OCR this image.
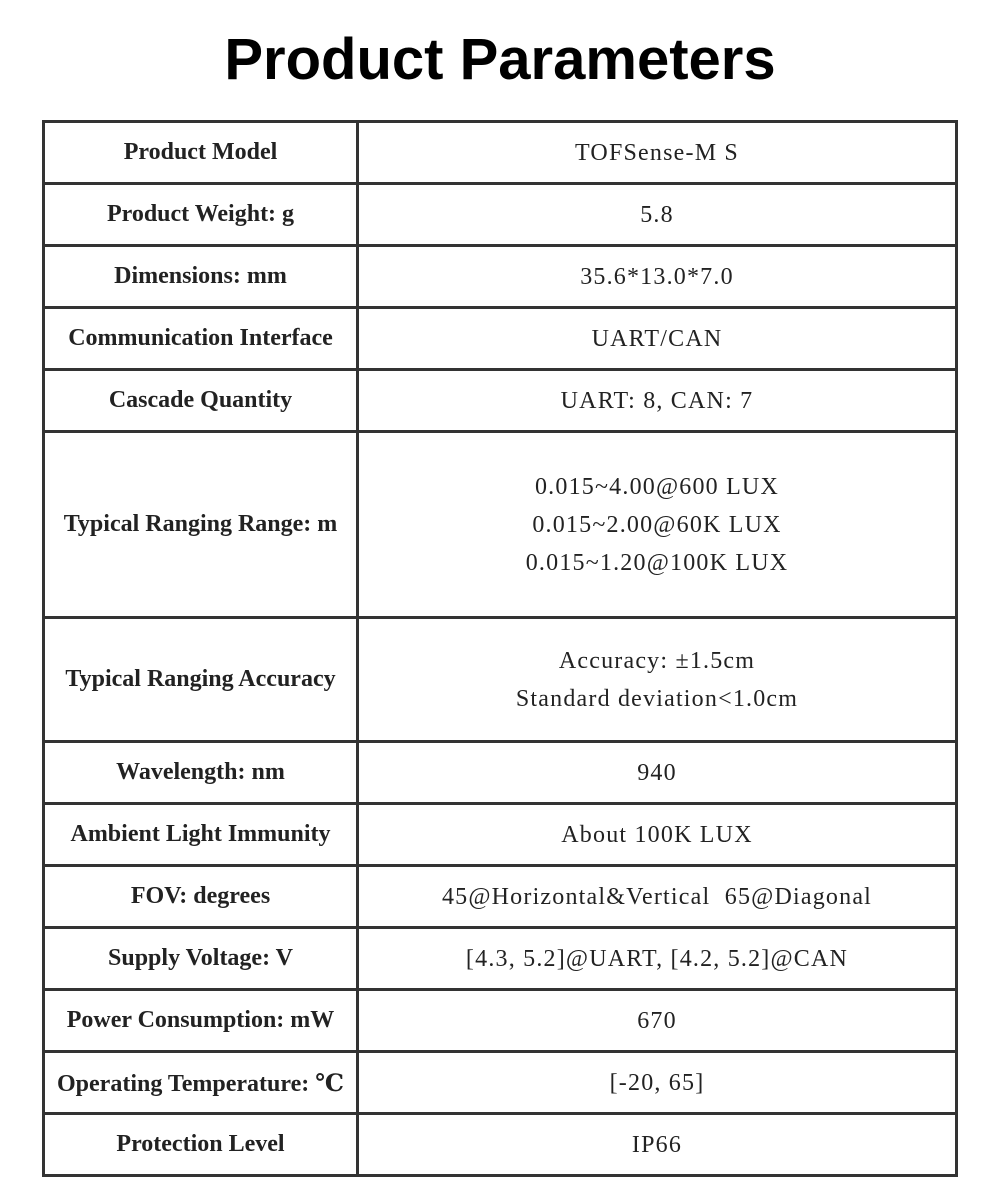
Product Parameters
Product Model	TOFSense-M S

Product Weight: g	5.8

Dimensions: mm	35.6*13.0*7.0

Communication Interface	UART/CAN

Cascade Quantity	UART: 8, CAN: 7

Typical Ranging Range: m	0.015~4.00@600 LUX
0.015~2.00@60K LUX
0.015~1.20@100K LUX

Typical Ranging Accuracy	Accuracy: ±1.5cm
Standard deviation<1.0cm

Wavelength: nm	940

Ambient Light Immunity	About 100K LUX

FOV: degrees	45@Horizontal&Vertical  65@Diagonal

Supply Voltage: V	[4.3, 5.2]@UART, [4.2, 5.2]@CAN

Power Consumption: mW	670

Operating Temperature: ℃	[-20, 65]

Protection Level	IP66
